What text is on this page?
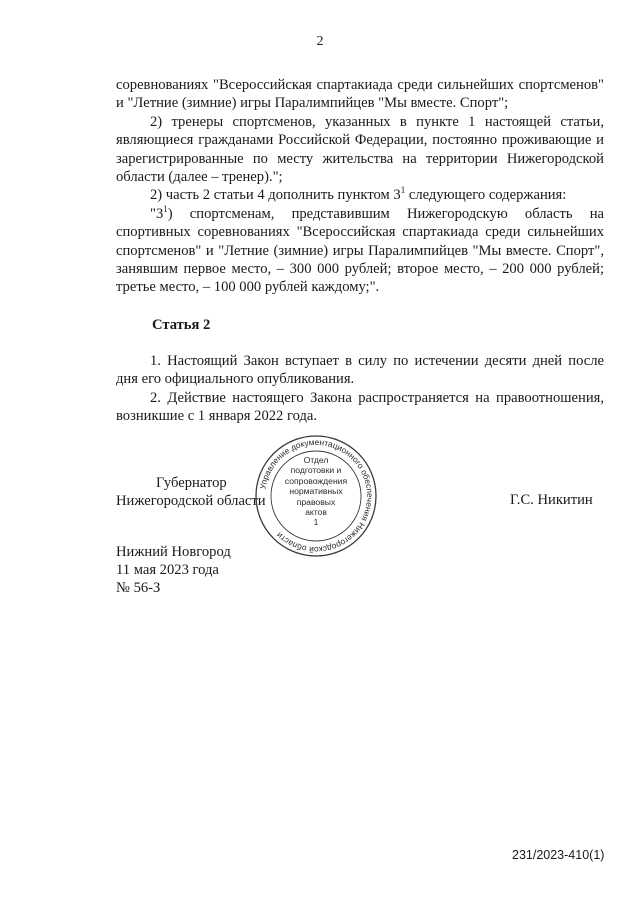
2

соревнованиях "Всероссийская спартакиада среди сильнейших спортсменов" и "Летние (зимние) игры Паралимпийцев "Мы вместе. Спорт";

2) тренеры спортсменов, указанных в пункте 1 настоящей статьи, являющиеся гражданами Российской Федерации, постоянно проживающие и зарегистрированные по месту жительства на территории Нижегородской области (далее – тренер).";

2) часть 2 статьи 4 дополнить пунктом $3^1$ следующего содержания:

"$3^1$) спортсменам, представившим Нижегородскую область на спортивных соревнованиях "Всероссийская спартакиада среди сильнейших спортсменов" и "Летние (зимние) игры Паралимпийцев "Мы вместе. Спорт", занявшим первое место, – 300 000 рублей; второе место, – 200 000 рублей; третье место, – 100 000 рублей каждому;".

Статья 2

1. Настоящий Закон вступает в силу по истечении десяти дней после дня его официального опубликования.

2. Действие настоящего Закона распространяется на правоотношения, возникшие с 1 января 2022 года.

Управление документационного обеспечения Нижегородской области
Отдел
подготовки и
сопровождения
нормативных
правовых
актов
1
Губернатор
Нижегородской области	Г.С. Никитин
Нижний Новгород
11 мая 2023 года
№ 56-З
231/2023-410(1)
